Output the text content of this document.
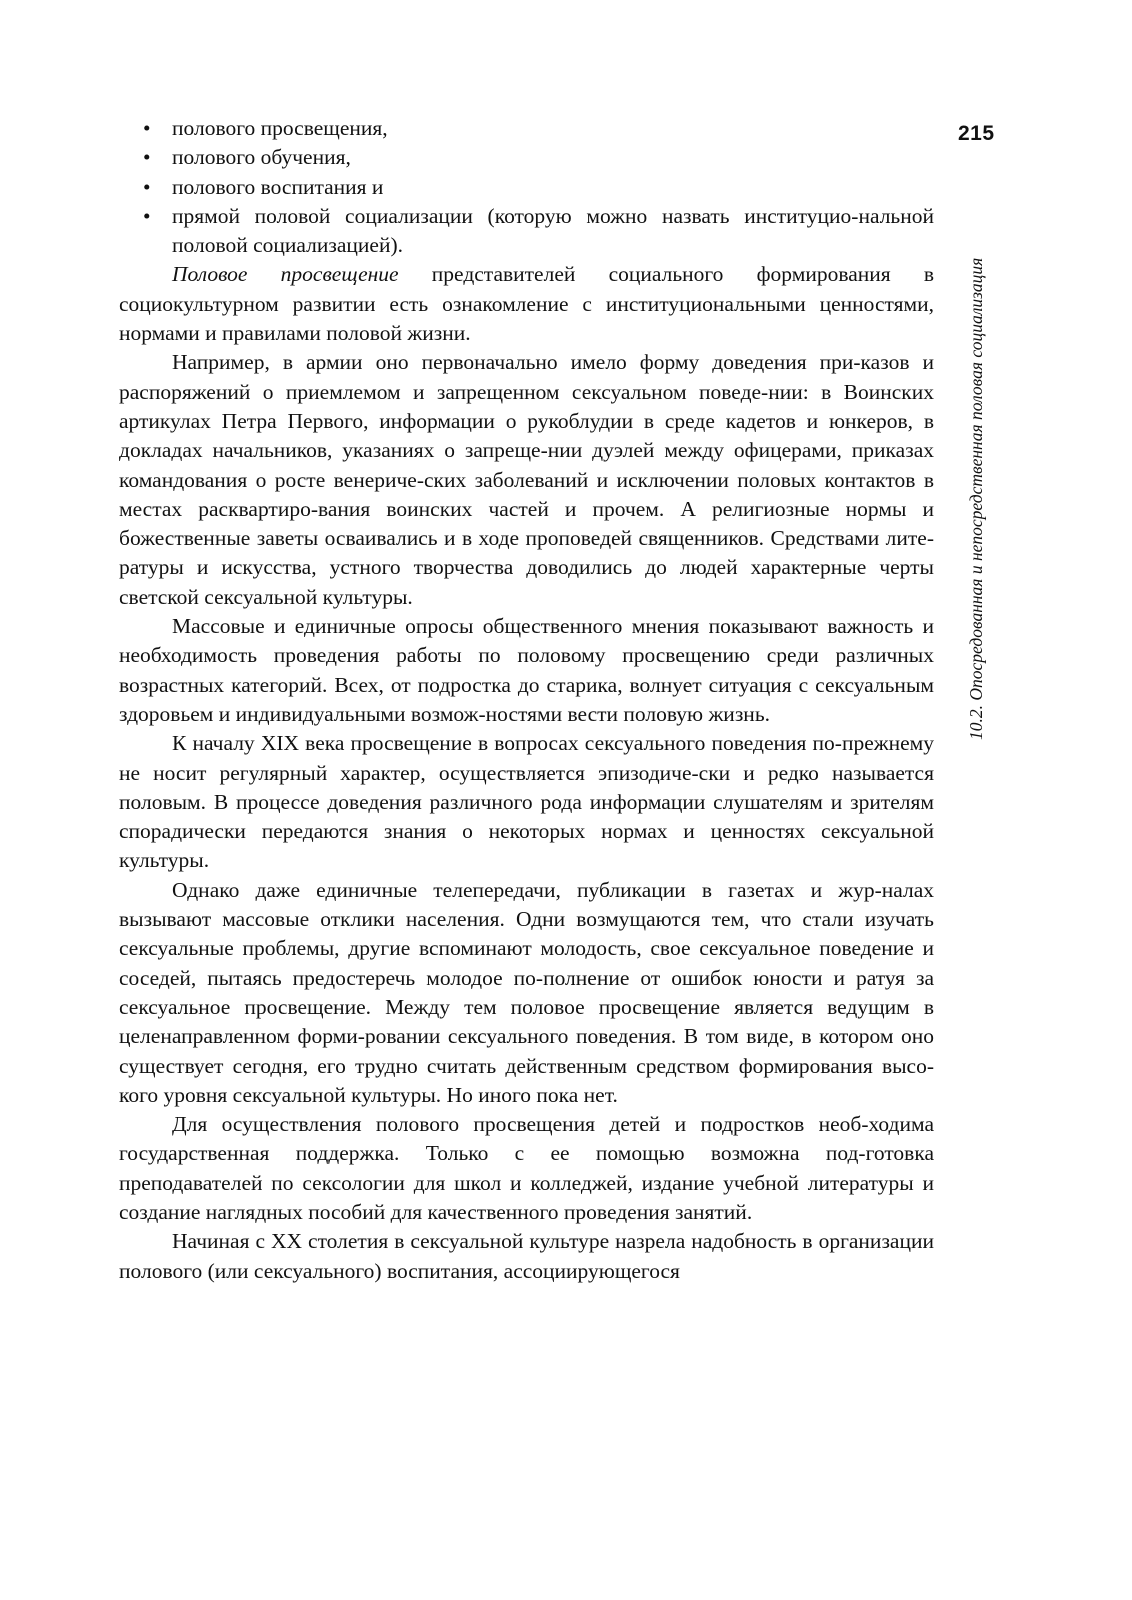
215
10.2. Опосредованная и непосредственная половая социализация
• полового просвещения,
• полового обучения,
• полового воспитания и
• прямой половой социализации (которую можно назвать институцио-нальной половой социализацией).

Половое просвещение представителей социального формирования в социокультурном развитии есть ознакомление с институциональными ценностями, нормами и правилами половой жизни.

Например, в армии оно первоначально имело форму доведения при-казов и распоряжений о приемлемом и запрещенном сексуальном поведе-нии: в Воинских артикулах Петра Первого, информации о рукоблудии в среде кадетов и юнкеров, в докладах начальников, указаниях о запреще-нии дуэлей между офицерами, приказах командования о росте венериче-ских заболеваний и исключении половых контактов в местах расквартиро-вания воинских частей и прочем. А религиозные нормы и божественные заветы осваивались и в ходе проповедей священников. Средствами лите-ратуры и искусства, устного творчества доводились до людей характерные черты светской сексуальной культуры.

Массовые и единичные опросы общественного мнения показывают важность и необходимость проведения работы по половому просвещению среди различных возрастных категорий. Всех, от подростка до старика, волнует ситуация с сексуальным здоровьем и индивидуальными возмож-ностями вести половую жизнь.

К началу XIX века просвещение в вопросах сексуального поведения по-прежнему не носит регулярный характер, осуществляется эпизодиче-ски и редко называется половым. В процессе доведения различного рода информации слушателям и зрителям спорадически передаются знания о некоторых нормах и ценностях сексуальной культуры.

Однако даже единичные телепередачи, публикации в газетах и жур-налах вызывают массовые отклики населения. Одни возмущаются тем, что стали изучать сексуальные проблемы, другие вспоминают молодость, свое сексуальное поведение и соседей, пытаясь предостеречь молодое по-полнение от ошибок юности и ратуя за сексуальное просвещение. Между тем половое просвещение является ведущим в целенаправленном форми-ровании сексуального поведения. В том виде, в котором оно существует сегодня, его трудно считать действенным средством формирования высо-кого уровня сексуальной культуры. Но иного пока нет.

Для осуществления полового просвещения детей и подростков необ-ходима государственная поддержка. Только с ее помощью возможна под-готовка преподавателей по сексологии для школ и колледжей, издание учебной литературы и создание наглядных пособий для качественного проведения занятий.

Начиная с XX столетия в сексуальной культуре назрела надобность в организации полового (или сексуального) воспитания, ассоциирующегося
